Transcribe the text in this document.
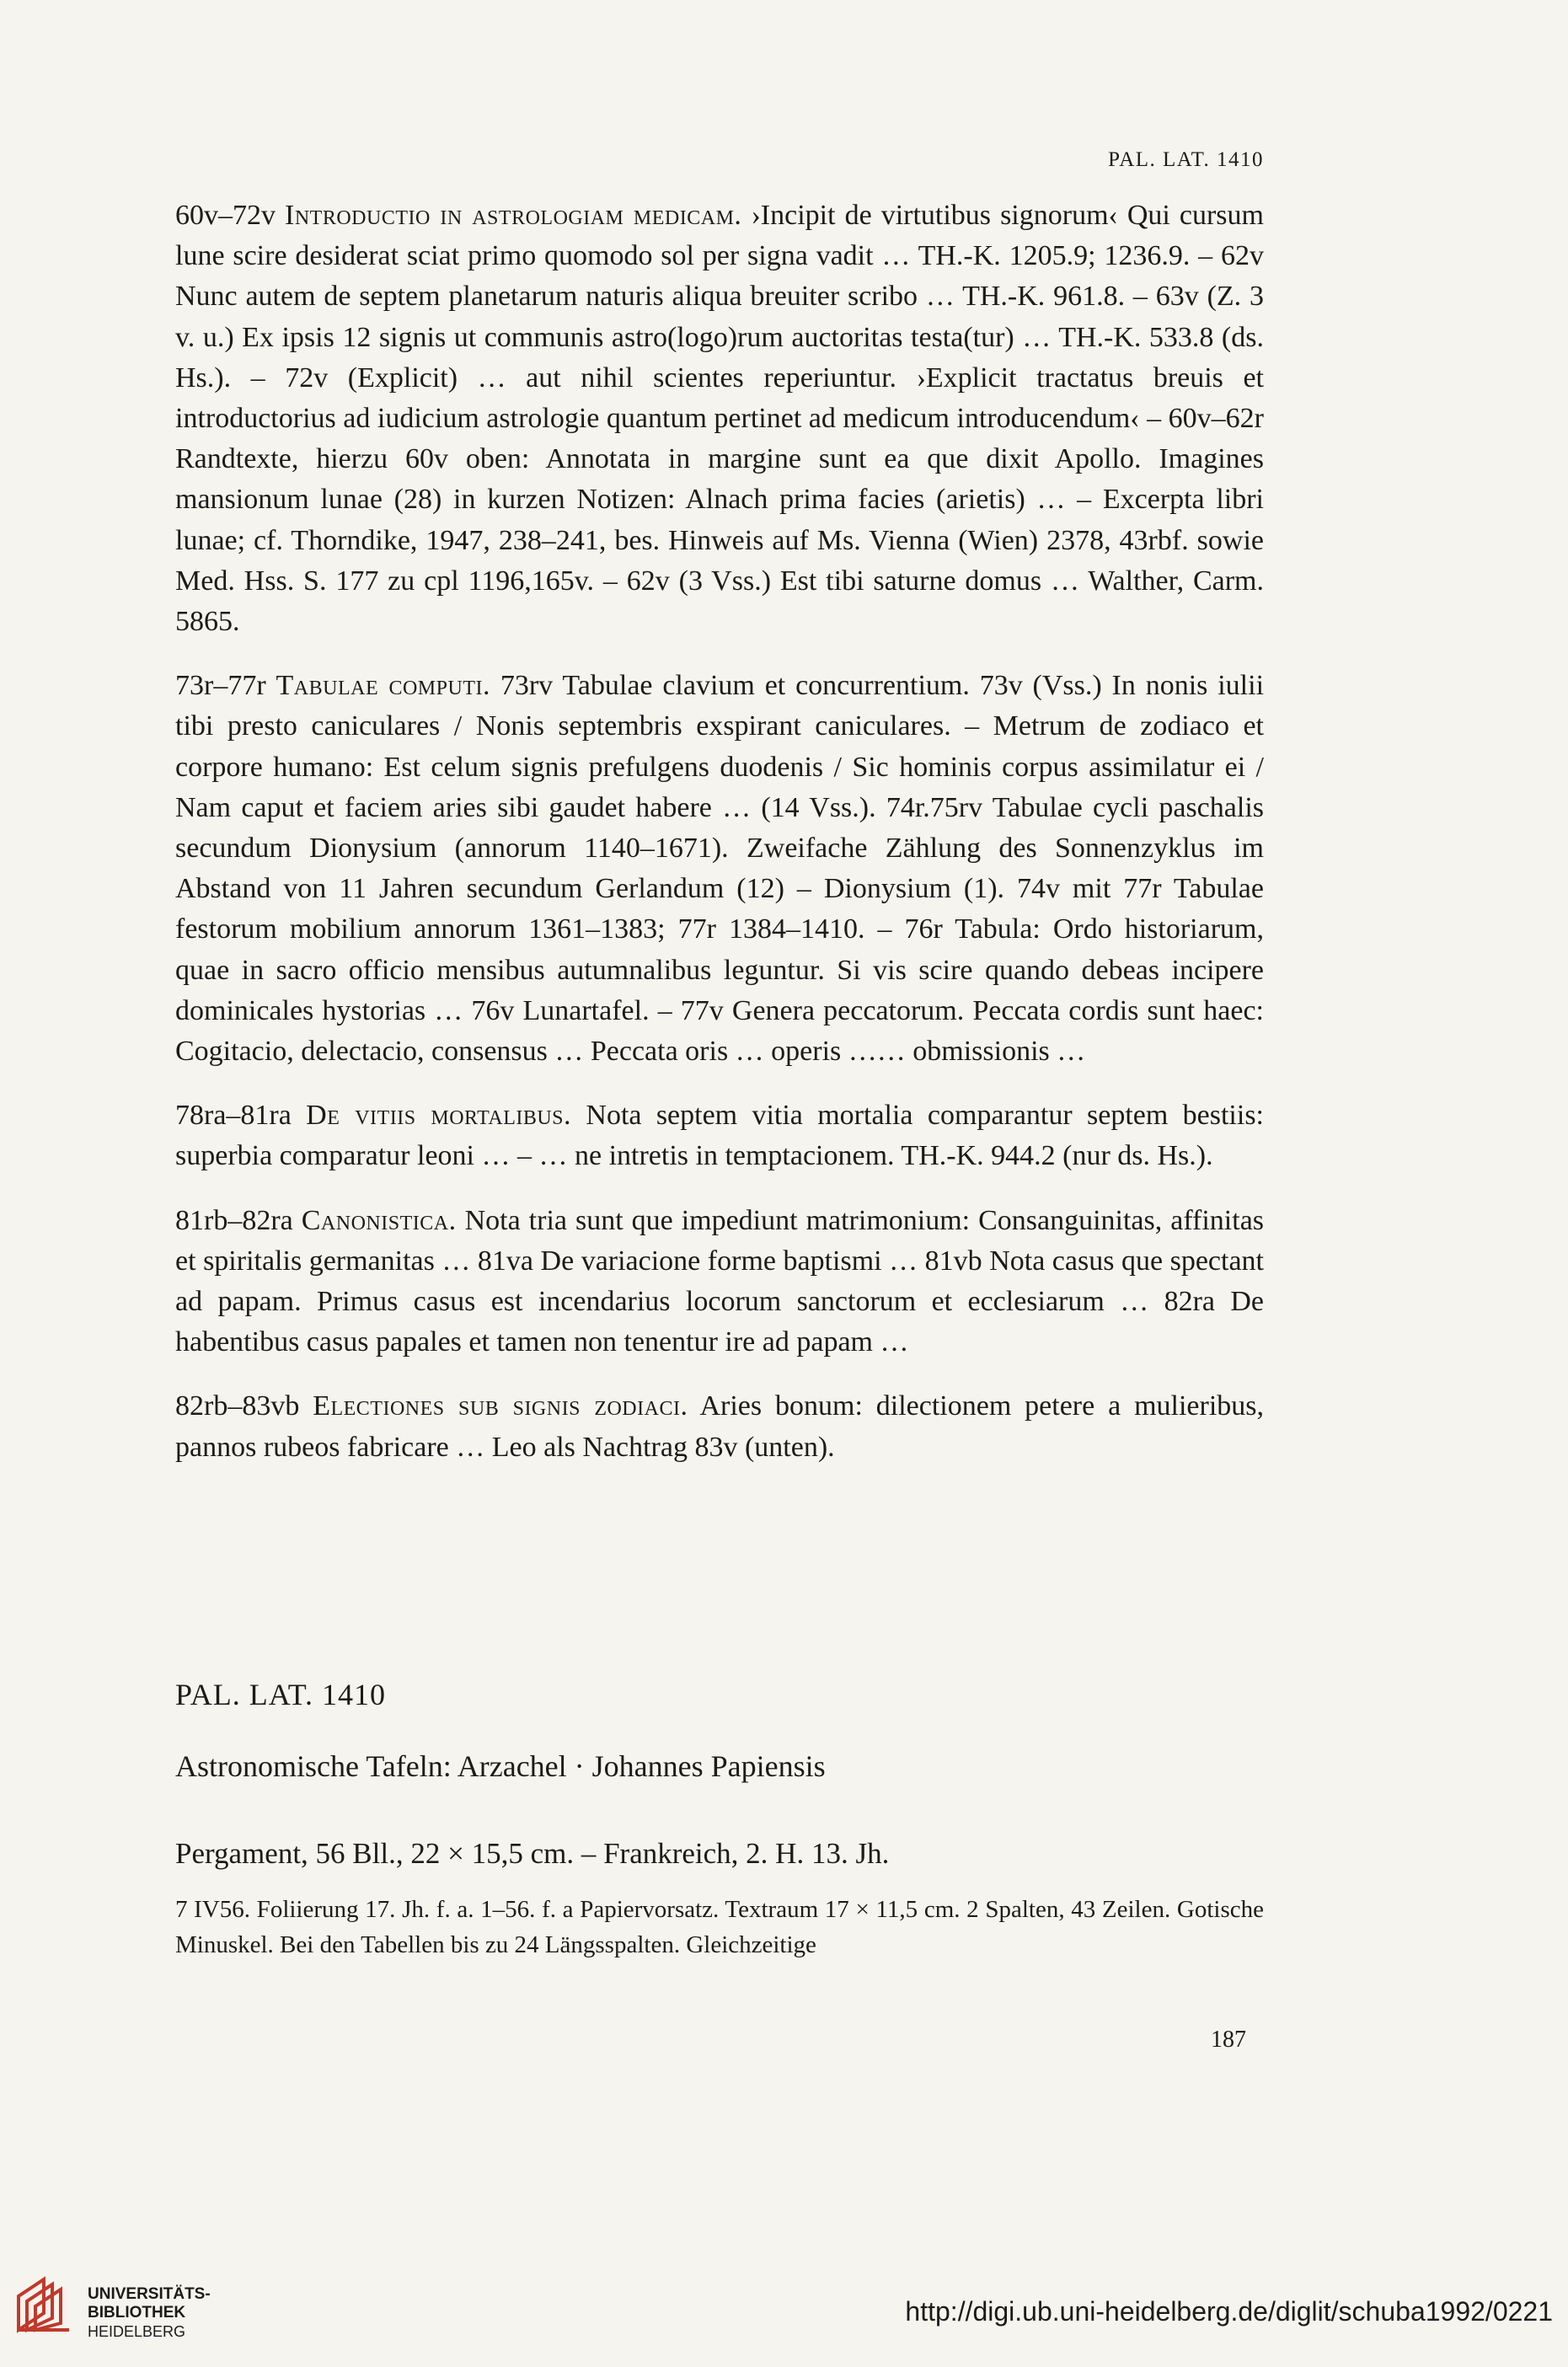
PAL. LAT. 1410

60v–72v Introductio in astrologiam medicam. ›Incipit de virtutibus signorum‹ Qui cursum lune scire desiderat sciat primo quomodo sol per signa vadit … TH.-K. 1205.9; 1236.9. – 62v Nunc autem de septem planetarum naturis aliqua breuiter scribo … TH.-K. 961.8. – 63v (Z. 3 v. u.) Ex ipsis 12 signis ut communis astro(logo)rum auctoritas testa(tur) … TH.-K. 533.8 (ds. Hs.). – 72v (Explicit) … aut nihil scientes reperiuntur. ›Explicit tractatus breuis et introductorius ad iudicium astrologie quantum pertinet ad medicum introducendum‹ – 60v–62r Randtexte, hierzu 60v oben: Annotata in margine sunt ea que dixit Apollo. Imagines mansionum lunae (28) in kurzen Notizen: Alnach prima facies (arietis) … – Excerpta libri lunae; cf. Thorndike, 1947, 238–241, bes. Hinweis auf Ms. Vienna (Wien) 2378, 43rbf. sowie Med. Hss. S. 177 zu cpl 1196,165v. – 62v (3 Vss.) Est tibi saturne domus … Walther, Carm. 5865.

73r–77r Tabulae computi. 73rv Tabulae clavium et concurrentium. 73v (Vss.) In nonis iulii tibi presto caniculares / Nonis septembris exspirant caniculares. – Metrum de zodiaco et corpore humano: Est celum signis prefulgens duodenis / Sic hominis corpus assimilatur ei / Nam caput et faciem aries sibi gaudet habere … (14 Vss.). 74r.75rv Tabulae cycli paschalis secundum Dionysium (annorum 1140–1671). Zweifache Zählung des Sonnenzyklus im Abstand von 11 Jahren secundum Gerlandum (12) – Dionysium (1). 74v mit 77r Tabulae festorum mobilium annorum 1361–1383; 77r 1384–1410. – 76r Tabula: Ordo historiarum, quae in sacro officio mensibus autumnalibus leguntur. Si vis scire quando debeas incipere dominicales hystorias … 76v Lunartafel. – 77v Genera peccatorum. Peccata cordis sunt haec: Cogitacio, delectacio, consensus … Peccata oris … operis …… obmissionis …

78ra–81ra De vitiis mortalibus. Nota septem vitia mortalia comparantur septem bestiis: superbia comparatur leoni … – … ne intretis in temptacionem. TH.-K. 944.2 (nur ds. Hs.).

81rb–82ra Canonistica. Nota tria sunt que impediunt matrimonium: Consanguinitas, affinitas et spiritalis germanitas … 81va De variacione forme baptismi … 81vb Nota casus que spectant ad papam. Primus casus est incendarius locorum sanctorum et ecclesiarum … 82ra De habentibus casus papales et tamen non tenentur ire ad papam …

82rb–83vb Electiones sub signis zodiaci. Aries bonum: dilectionem petere a mulieribus, pannos rubeos fabricare … Leo als Nachtrag 83v (unten).

PAL. LAT. 1410
Astronomische Tafeln: Arzachel · Johannes Papiensis
Pergament, 56 Bll., 22 × 15,5 cm. – Frankreich, 2. H. 13. Jh.
7 IV56. Foliierung 17. Jh. f. a. 1–56. f. a Papiervorsatz. Textraum 17 × 11,5 cm. 2 Spalten, 43 Zeilen. Gotische Minuskel. Bei den Tabellen bis zu 24 Längsspalten. Gleichzeitige
187
UNIVERSITÄTS-
BIBLIOTHEK
HEIDELBERG
http://digi.ub.uni-heidelberg.de/diglit/schuba1992/0221
